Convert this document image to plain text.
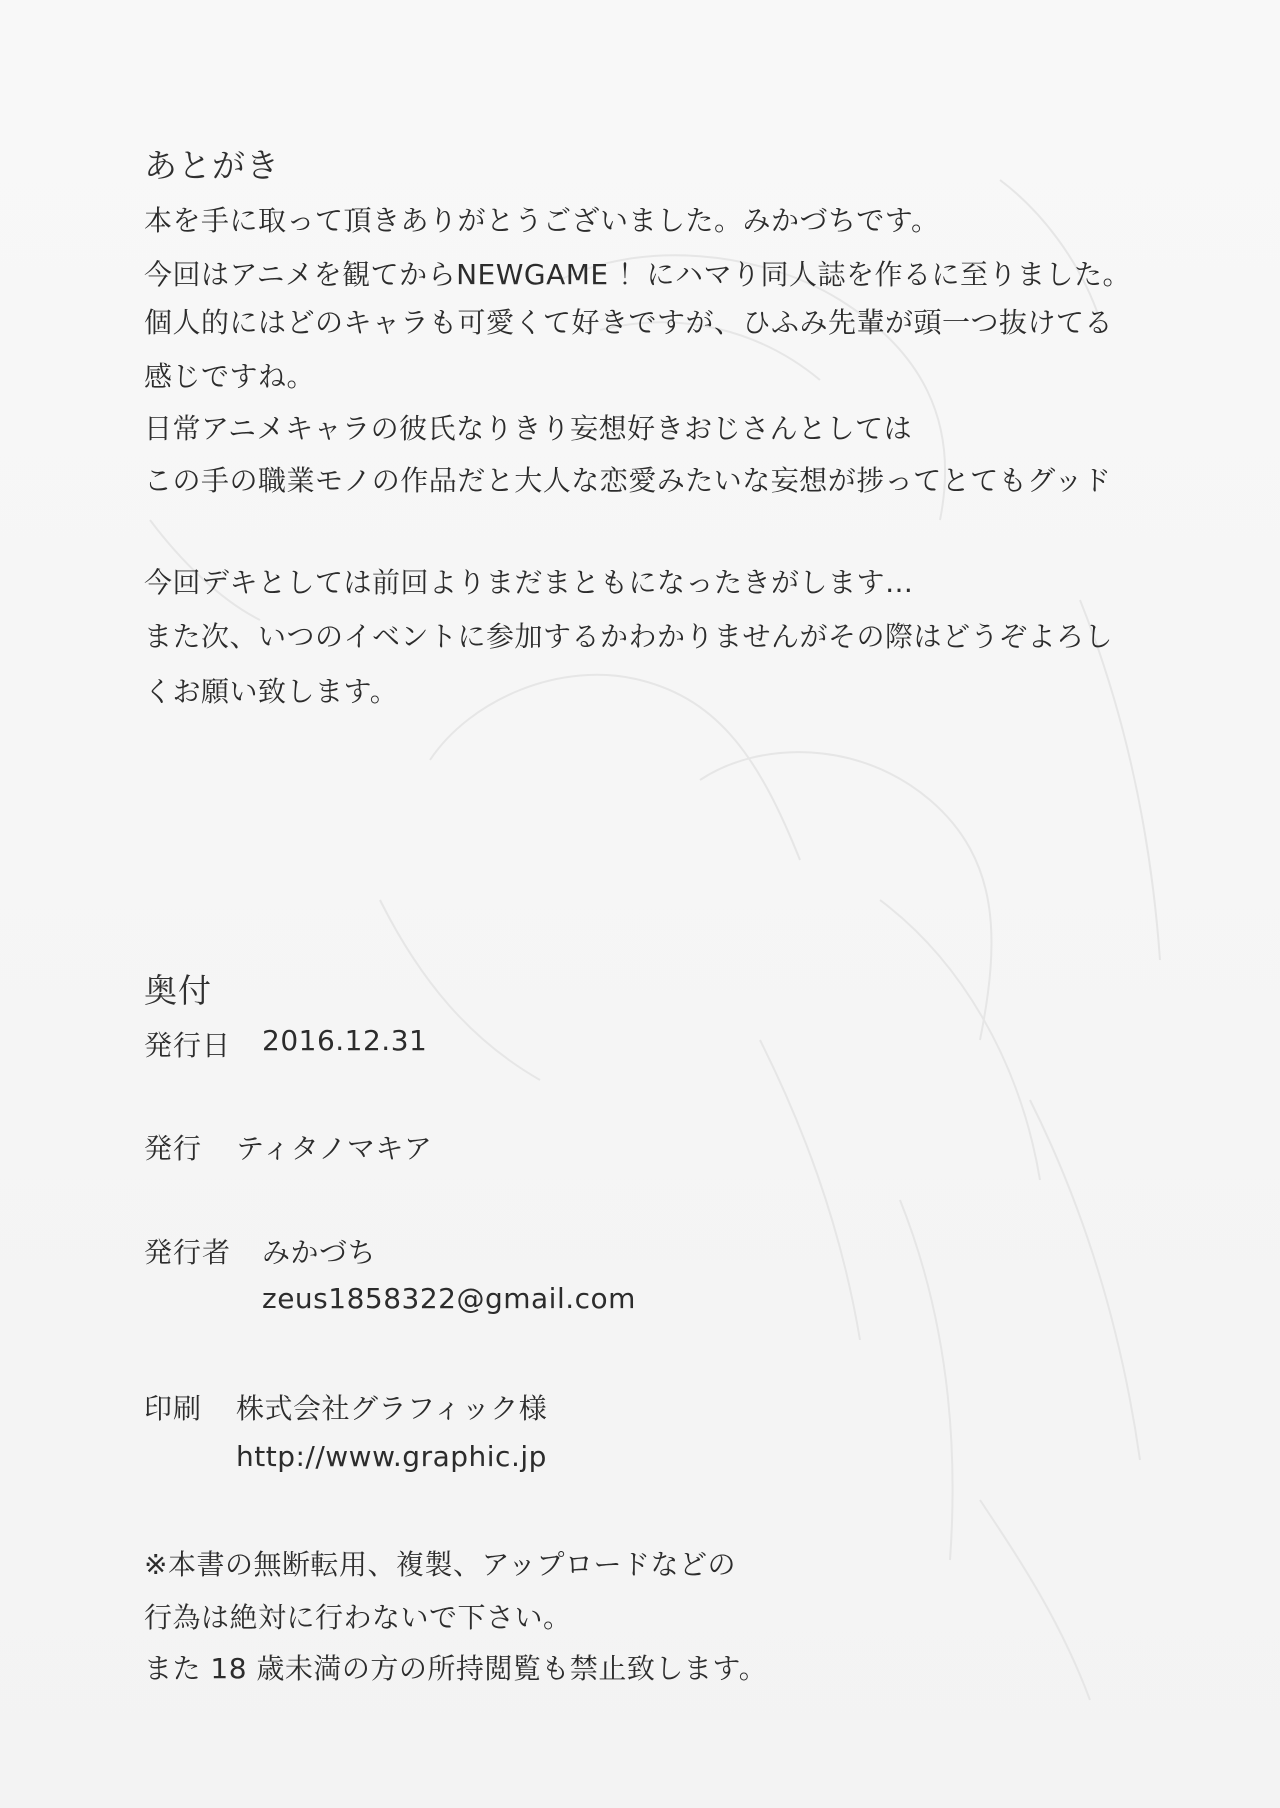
あとがき

本を手に取って頂きありがとうございました。みかづちです。

今回はアニメを観てからNEWGAME ！にハマり同人誌を作るに至りました。

個人的にはどのキャラも可愛くて好きですが、ひふみ先輩が頭一つ抜けてる

感じですね。

日常アニメキャラの彼氏なりきり妄想好きおじさんとしては

この手の職業モノの作品だと大人な恋愛みたいな妄想が捗ってとてもグッド

今回デキとしては前回よりまだまともになったきがします…

また次、いつのイベントに参加するかわかりませんがその際はどうぞよろし

くお願い致します。

奥付
発行日 2016.12.31
発行 ティタノマキア
発行者 みかづち
zeus1858322@gmail.com
印刷 株式会社グラフィック様
http://www.graphic.jp

※本書の無断転用、複製、アップロードなどの

行為は絶対に行わないで下さい。

また 18 歳未満の方の所持閲覧も禁止致します。
